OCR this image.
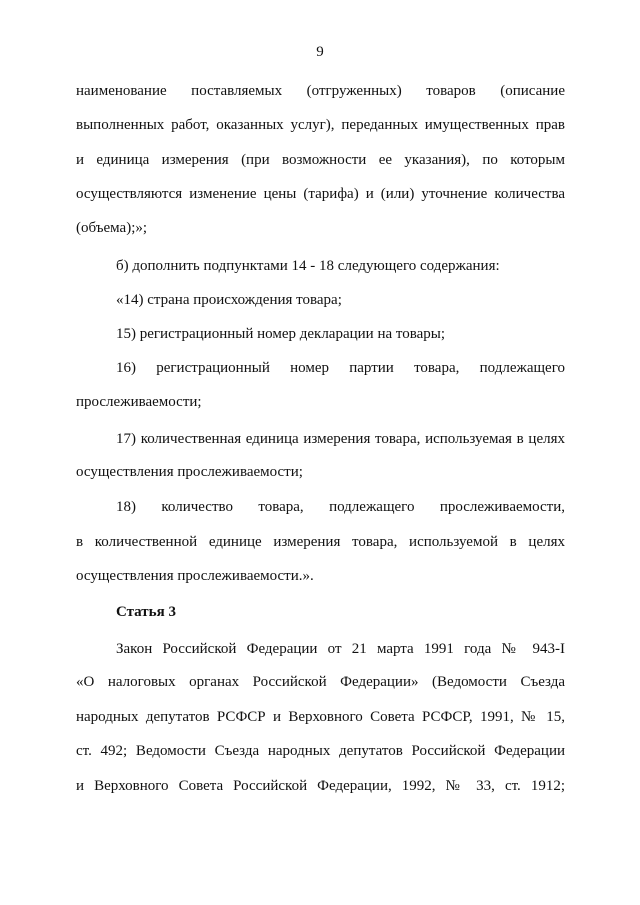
9
наименование поставляемых (отгруженных) товаров (описание
выполненных работ, оказанных услуг), переданных имущественных прав
и единица измерения (при возможности ее указания), по которым
осуществляются изменение цены (тарифа) и (или) уточнение количества
(объема);»;
б) дополнить подпунктами 14 - 18 следующего содержания:
«14) страна происхождения товара;
15) регистрационный номер декларации на товары;
16) регистрационный номер партии товара, подлежащего
прослеживаемости;
17) количественная единица измерения товара, используемая в целях
осуществления прослеживаемости;
18) количество товара, подлежащего прослеживаемости,
в количественной единице измерения товара, используемой в целях
осуществления прослеживаемости.».
Статья 3
Закон Российской Федерации от 21 марта 1991 года № 943-I
«О налоговых органах Российской Федерации» (Ведомости Съезда
народных депутатов РСФСР и Верховного Совета РСФСР, 1991, № 15,
ст. 492; Ведомости Съезда народных депутатов Российской Федерации
и Верховного Совета Российской Федерации, 1992, № 33, ст. 1912;
